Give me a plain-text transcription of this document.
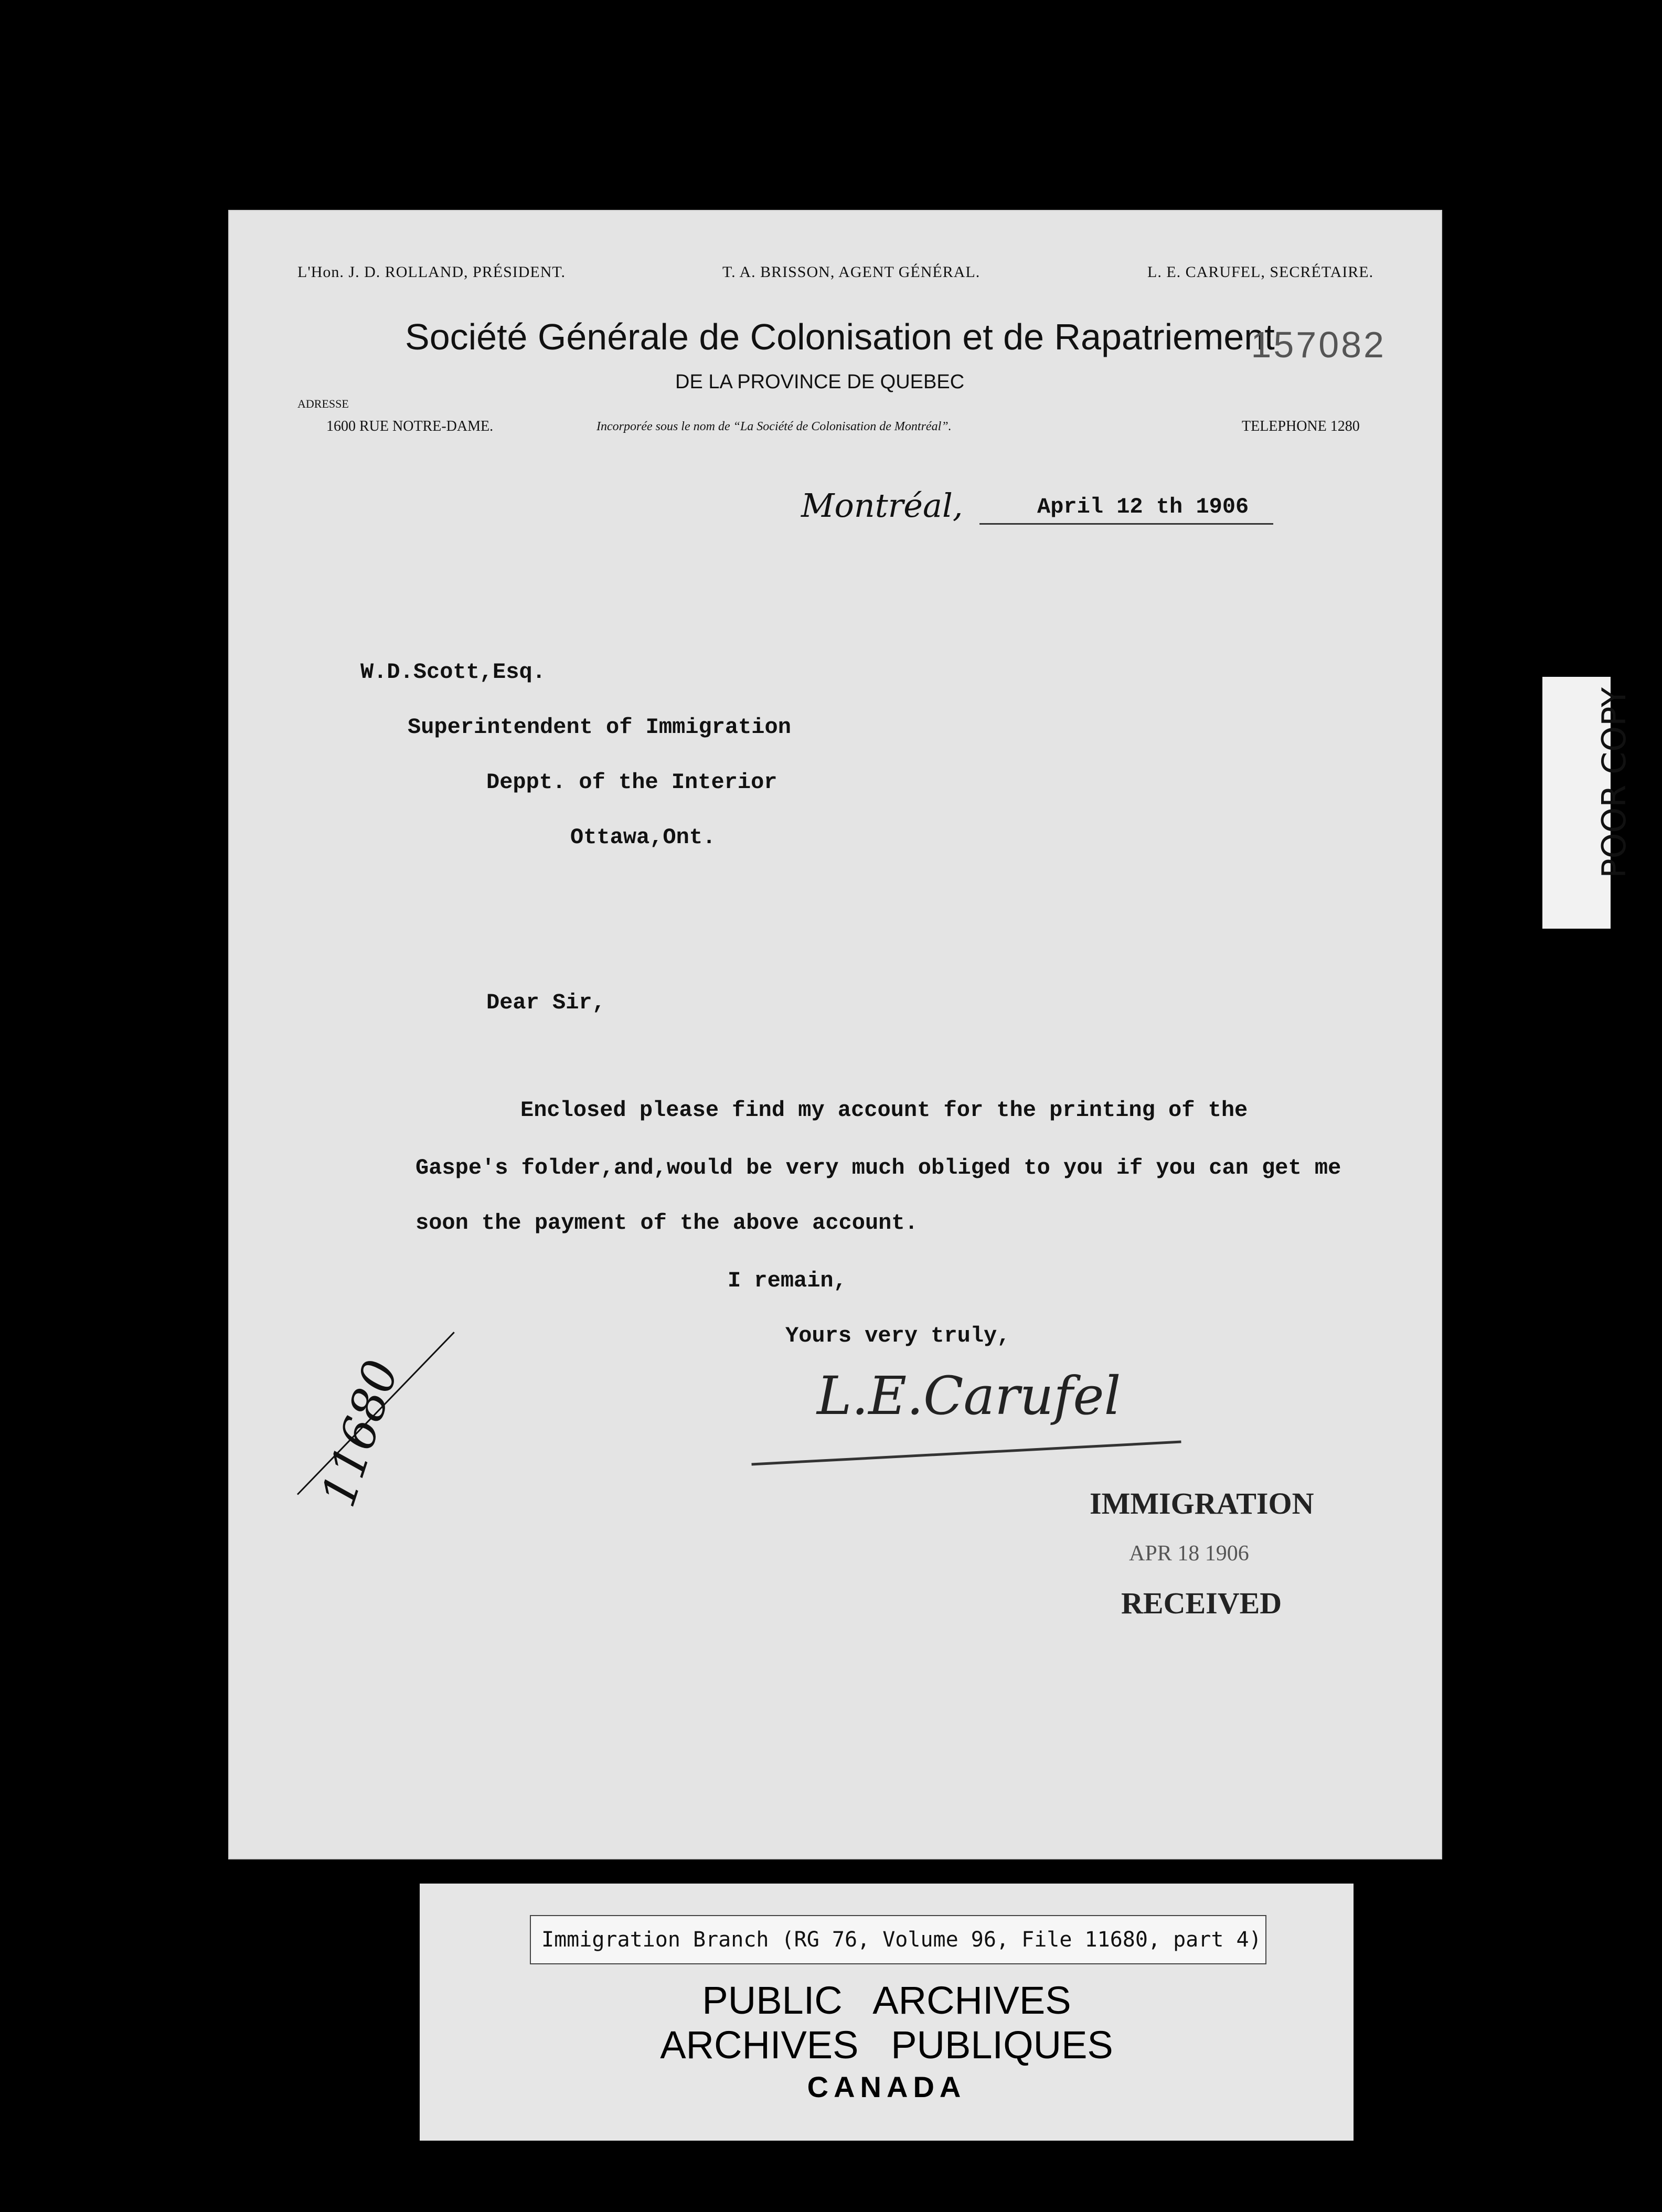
L'Hon. J. D. ROLLAND, PRÉSIDENT.	T. A. BRISSON, AGENT GÉNÉRAL.	L. E. CARUFEL, SECRÉTAIRE.
Société Générale de Colonisation et de Rapatriement
157082
DE LA PROVINCE DE QUEBEC
ADRESSE
1600 RUE NOTRE-DAME.	Incorporée sous le nom de “La Société de Colonisation de Montréal”.	TELEPHONE 1280
Montréal,	April 12 th 1906
W.D.Scott,Esq.
Superintendent of Immigration
Deppt. of the Interior
Ottawa,Ont.
Dear Sir,
Enclosed please find my account for the printing of the
Gaspe's folder,and,would be very much obliged to you if you can get me
soon the payment of the above account.
I remain,
Yours very truly,
L.E.Carufel
11680	IMMIGRATION
APR 18 1906
RECEIVED
POOR COPY
Immigration Branch (RG 76, Volume 96, File 11680, part 4)
PUBLIC   ARCHIVES
ARCHIVES   PUBLIQUES
CANADA
